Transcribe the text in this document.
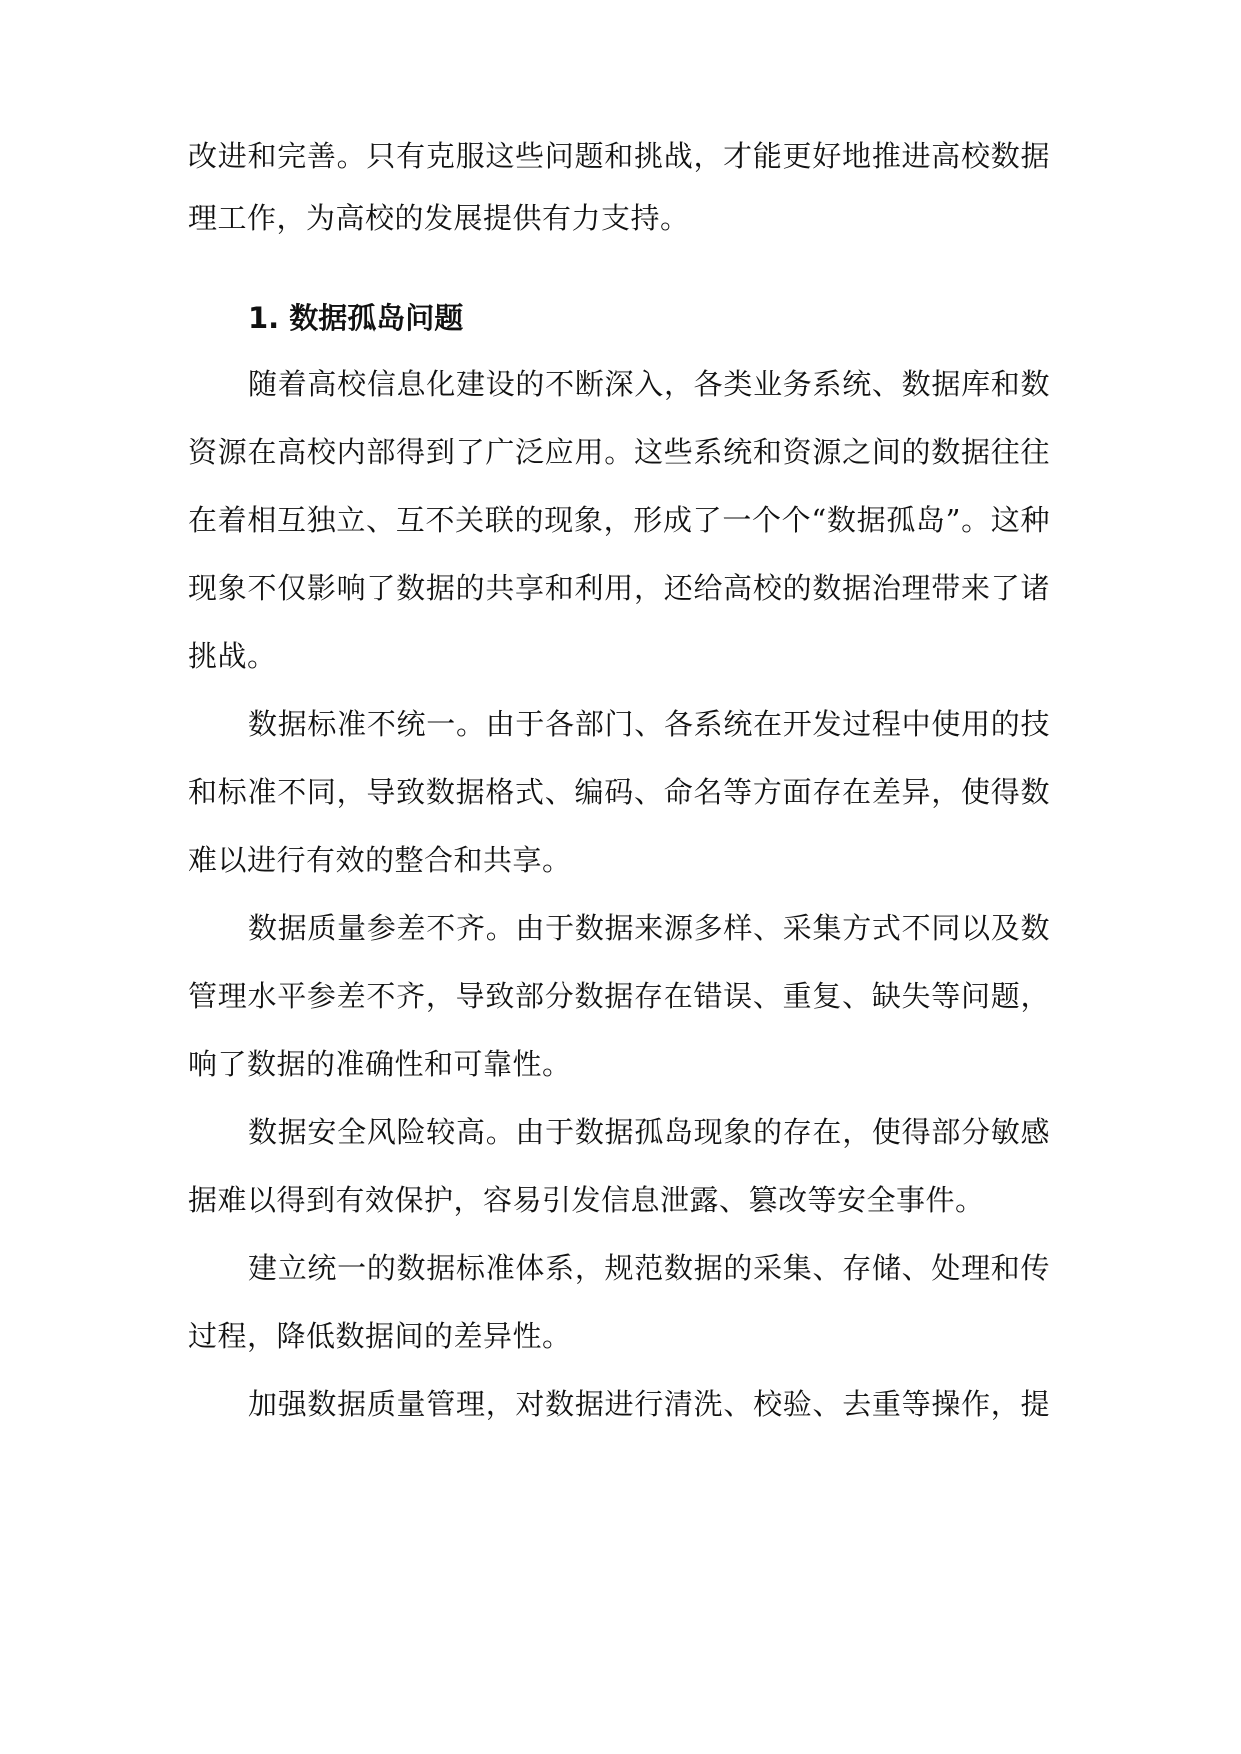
改进和完善。只有克服这些问题和挑战，才能更好地推进高校数据
理工作，为高校的发展提供有力支持。
1. 数据孤岛问题
随着高校信息化建设的不断深入，各类业务系统、数据库和数
资源在高校内部得到了广泛应用。这些系统和资源之间的数据往往
在着相互独立、互不关联的现象，形成了一个个“数据孤岛”。这种
现象不仅影响了数据的共享和利用，还给高校的数据治理带来了诸
挑战。
数据标准不统一。由于各部门、各系统在开发过程中使用的技
和标准不同，导致数据格式、编码、命名等方面存在差异，使得数
难以进行有效的整合和共享。
数据质量参差不齐。由于数据来源多样、采集方式不同以及数
管理水平参差不齐，导致部分数据存在错误、重复、缺失等问题，
响了数据的准确性和可靠性。
数据安全风险较高。由于数据孤岛现象的存在，使得部分敏感
据难以得到有效保护，容易引发信息泄露、篡改等安全事件。
建立统一的数据标准体系，规范数据的采集、存储、处理和传
过程，降低数据间的差异性。
加强数据质量管理，对数据进行清洗、校验、去重等操作，提
